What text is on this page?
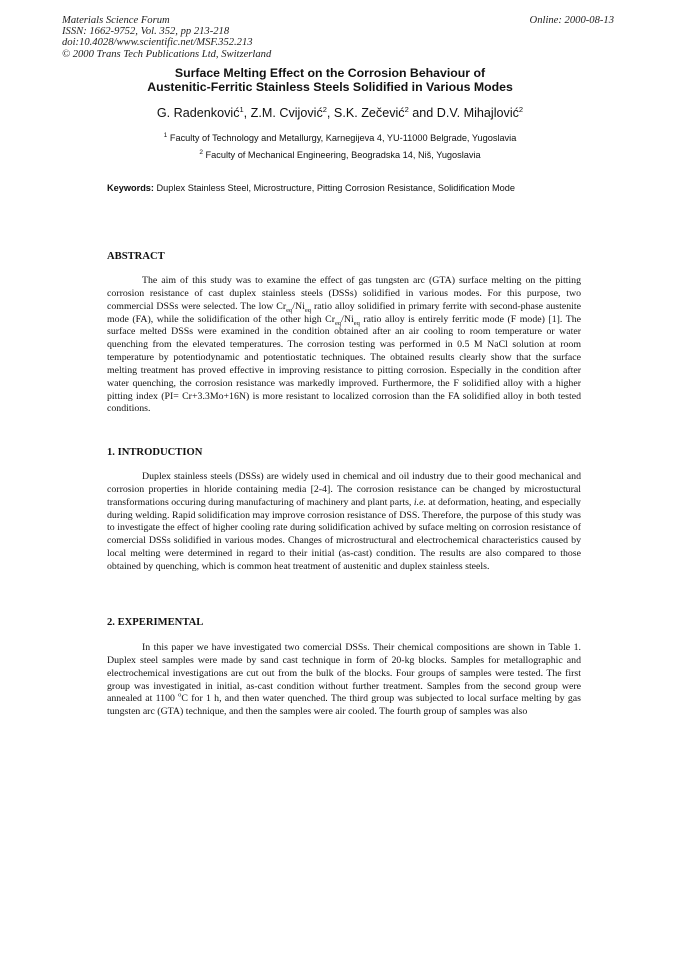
Materials Science Forum
ISSN: 1662-9752, Vol. 352, pp 213-218
doi:10.4028/www.scientific.net/MSF.352.213
© 2000 Trans Tech Publications Ltd, Switzerland
Online: 2000-08-13
Surface Melting Effect on the Corrosion Behaviour of
Austenitic-Ferritic Stainless Steels Solidified in Various Modes
G. Radenković$^1$, Z.M. Cvijović$^2$, S.K. Zečević$^2$ and D.V. Mihajlović$^2$
$^1$ Faculty of Technology and Metallurgy, Karnegijeva 4, YU-11000 Belgrade, Yugoslavia
$^2$ Faculty of Mechanical Engineering, Beogradska 14, Niš, Yugoslavia
Keywords: Duplex Stainless Steel, Microstructure, Pitting Corrosion Resistance, Solidification Mode
ABSTRACT
The aim of this study was to examine the effect of gas tungsten arc (GTA) surface melting on the pitting corrosion resistance of cast duplex stainless steels (DSSs) solidified in various modes. For this purpose, two commercial DSSs were selected. The low $Cr_{eq}/Ni_{eq}$ ratio alloy solidified in primary ferrite with second-phase austenite mode (FA), while the solidification of the other high $Cr_{eq}/Ni_{eq}$ ratio alloy is entirely ferritic mode (F mode) [1]. The surface melted DSSs were examined in the condition obtained after an air cooling to room temperature or water quenching from the elevated temperatures. The corrosion testing was performed in 0.5 M NaCl solution at room temperature by potentiodynamic and potentiostatic techniques. The obtained results clearly show that the surface melting treatment has proved effective in improving resistance to pitting corrosion. Especially in the condition after water quenching, the corrosion resistance was markedly improved. Furthermore, the F solidified alloy with a higher pitting index (PI= Cr+3.3Mo+16N) is more resistant to localized corrosion than the FA solidified alloy in both tested conditions.
1. INTRODUCTION
Duplex stainless steels (DSSs) are widely used in chemical and oil industry due to their good mechanical and corrosion properties in hloride containing media [2-4]. The corrosion resistance can be changed by microstuctural transformations occuring during manufacturing of machinery and plant parts, i.e. at deformation, heating, and especially during welding. Rapid solidification may improve corrosion resistance of DSS. Therefore, the purpose of this study was to investigate the effect of higher cooling rate during solidification achived by suface melting on corrosion resistance of comercial DSSs solidified in various modes. Changes of microstructural and electrochemical characteristics caused by local melting were determined in regard to their initial (as-cast) condition. The results are also compared to those obtained by quenching, which is common heat treatment of austenitic and duplex stainless steels.
2. EXPERIMENTAL
In this paper we have investigated two comercial DSSs. Their chemical compositions are shown in Table 1. Duplex steel samples were made by sand cast technique in form of 20-kg blocks. Samples for metallographic and electrochemical investigations are cut out from the bulk of the blocks. Four groups of samples were tested. The first group was investigated in initial, as-cast condition without further treatment. Samples from the second group were annealed at 1100 $^o$C for 1 h, and then water quenched. The third group was subjected to local surface melting by gas tungsten arc (GTA) technique, and then the samples were air cooled. The fourth group of samples was also
